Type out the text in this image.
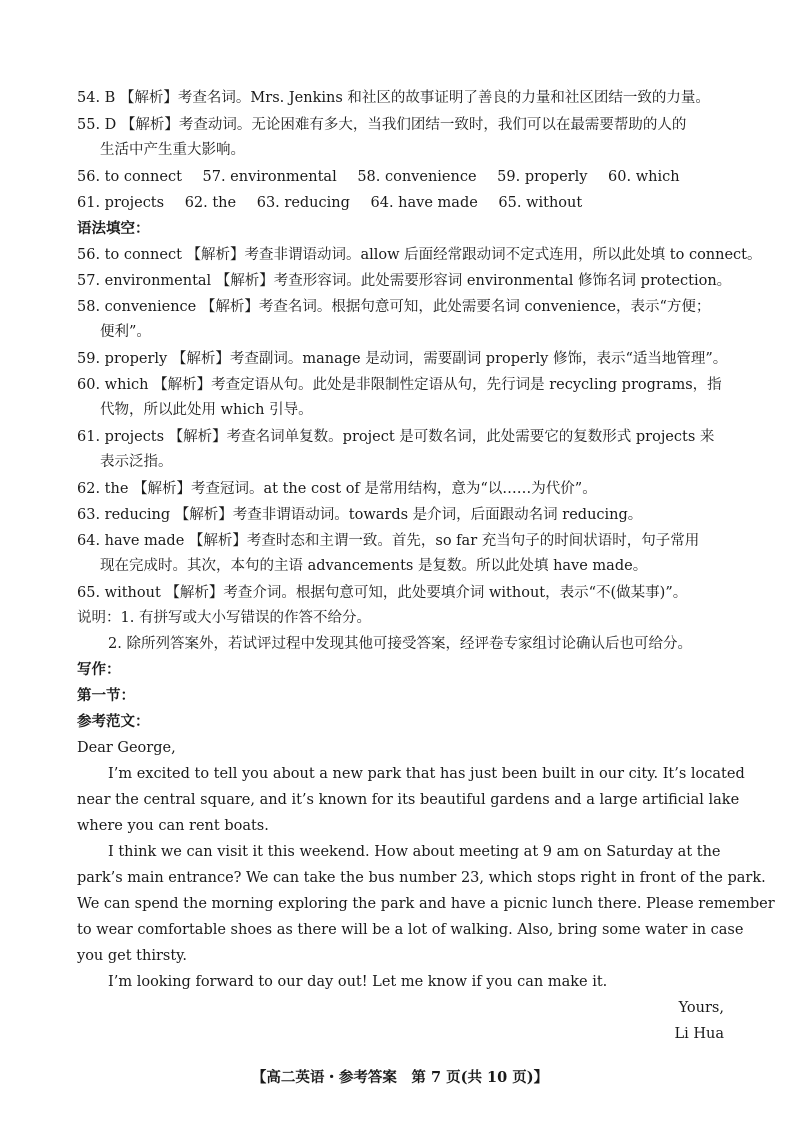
54. B 【解析】考查名词。Mrs. Jenkins 和社区的故事证明了善良的力量和社区团结一致的力量。
55. D 【解析】考查动词。无论困难有多大，当我们团结一致时，我们可以在最需要帮助的人的
生活中产生重大影响。
56. to connect 57. environmental 58. convenience 59. properly 60. which
61. projects 62. the 63. reducing 64. have made 65. without
语法填空：
56. to connect 【解析】考查非谓语动词。allow 后面经常跟动词不定式连用，所以此处填 to connect。
57. environmental 【解析】考查形容词。此处需要形容词 environmental 修饰名词 protection。
58. convenience 【解析】考查名词。根据句意可知，此处需要名词 convenience，表示“方便；
便利”。
59. properly 【解析】考查副词。manage 是动词，需要副词 properly 修饰，表示“适当地管理”。
60. which 【解析】考查定语从句。此处是非限制性定语从句，先行词是 recycling programs，指
代物，所以此处用 which 引导。
61. projects 【解析】考查名词单复数。project 是可数名词，此处需要它的复数形式 projects 来
表示泛指。
62. the 【解析】考查冠词。at the cost of 是常用结构，意为“以……为代价”。
63. reducing 【解析】考查非谓语动词。towards 是介词，后面跟动名词 reducing。
64. have made 【解析】考查时态和主谓一致。首先，so far 充当句子的时间状语时，句子常用
现在完成时。其次，本句的主语 advancements 是复数。所以此处填 have made。
65. without 【解析】考查介词。根据句意可知，此处要填介词 without，表示“不(做某事)”。
说明：1. 有拼写或大小写错误的作答不给分。
2. 除所列答案外，若试评过程中发现其他可接受答案，经评卷专家组讨论确认后也可给分。
写作：
第一节：
参考范文：
Dear George,
I’m excited to tell you about a new park that has just been built in our city. It’s located
near the central square, and it’s known for its beautiful gardens and a large artificial lake
where you can rent boats.
I think we can visit it this weekend. How about meeting at 9 am on Saturday at the
park’s main entrance? We can take the bus number 23, which stops right in front of the park.
We can spend the morning exploring the park and have a picnic lunch there. Please remember
to wear comfortable shoes as there will be a lot of walking. Also, bring some water in case
you get thirsty.
I’m looking forward to our day out! Let me know if you can make it.
Yours,
Li Hua
【高二英语・参考答案　第 7 页(共 10 页)】
